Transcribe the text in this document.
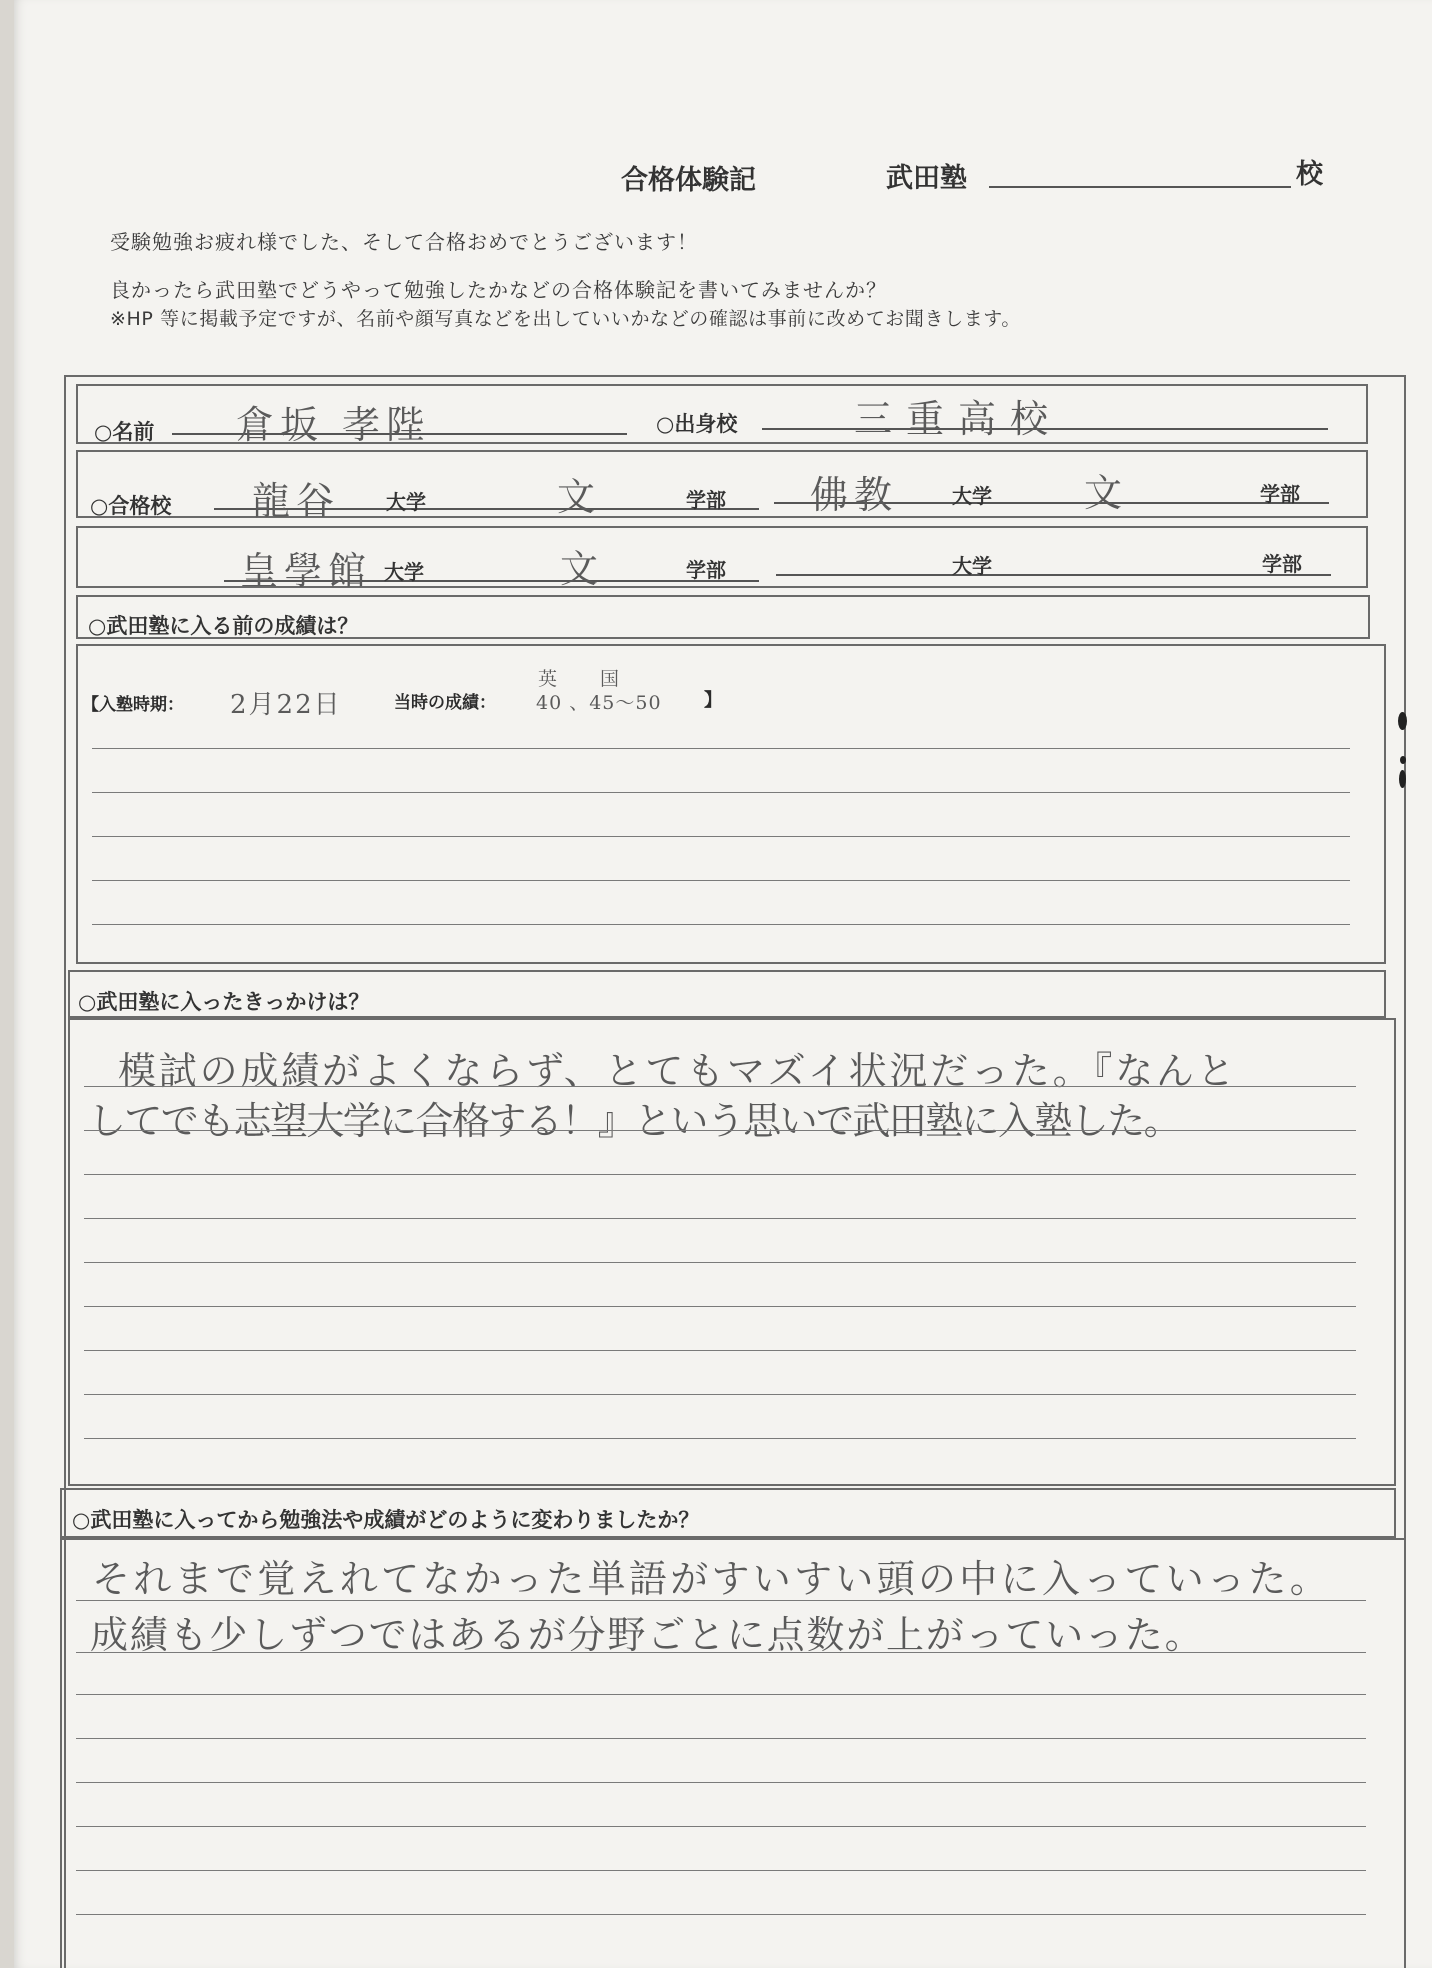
合格体験記	武田塾	校
受験勉強お疲れ様でした、そして合格おめでとうございます！
良かったら武田塾でどうやって勉強したかなどの合格体験記を書いてみませんか？
※HP 等に掲載予定ですが、名前や顔写真などを出していいかなどの確認は事前に改めてお聞きします。
○名前 倉坂 孝陛	○出身校	三重高校
○合格校 龍谷 大学	文	学部 佛教	大学 文	学部
皇學館 大学	文	学部	大学	学部
○武田塾に入る前の成績は？
【入塾時期： 2月22日	当時の成績：
英　国
40 、45〜50 】
○武田塾に入ったきっかけは？
模試の成績がよくならず、とてもマズイ状況だった。『なんと
してでも志望大学に合格する！』という思いで武田塾に入塾した。
○武田塾に入ってから勉強法や成績がどのように変わりましたか？
それまで覚えれてなかった単語がすいすい頭の中に入っていった。
成績も少しずつではあるが分野ごとに点数が上がっていった。
